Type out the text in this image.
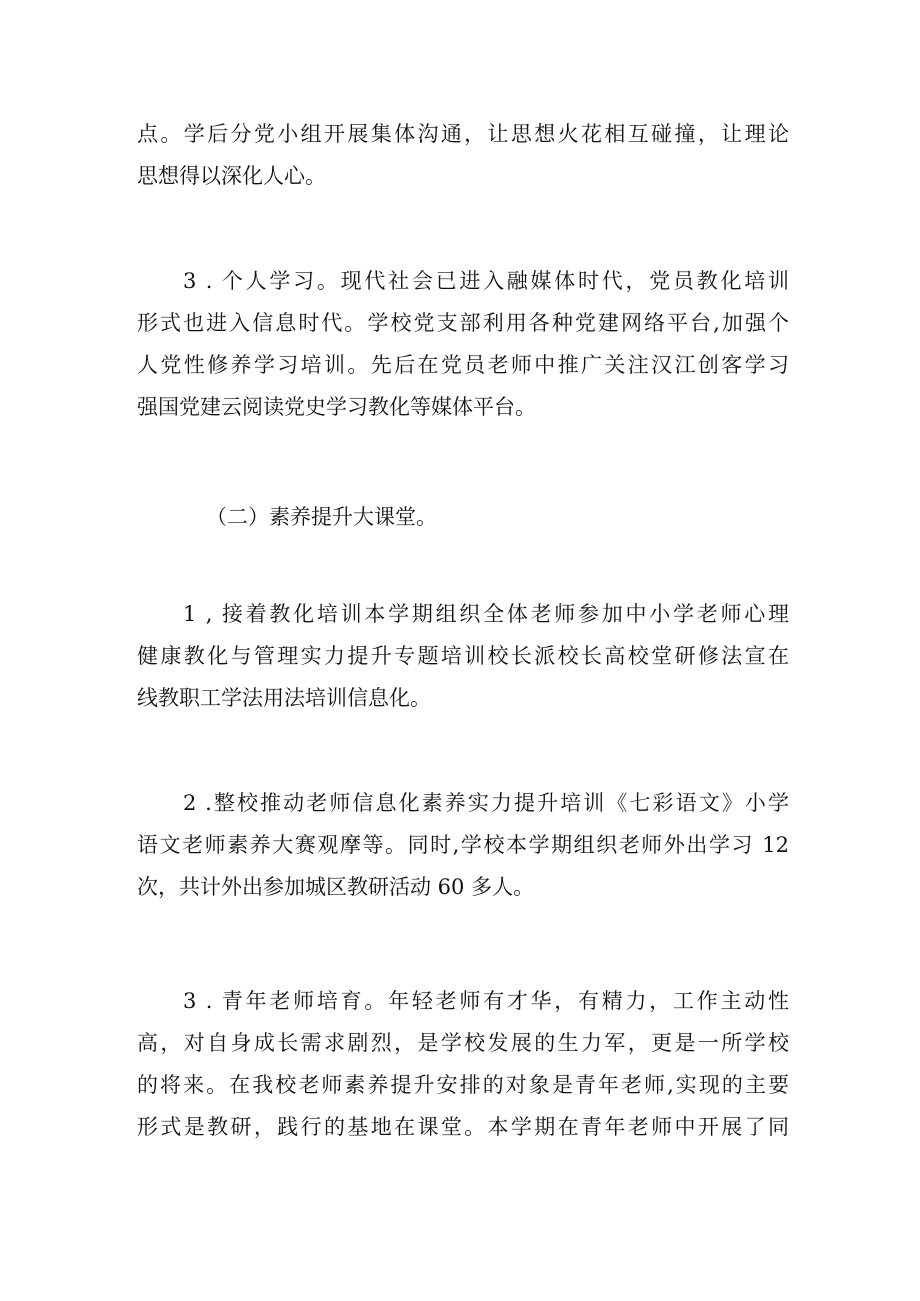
点。学后分党小组开展集体沟通，让思想火花相互碰撞，让理论
思想得以深化人心。
3 . 个人学习。现代社会已进入融媒体时代，党员教化培训
形式也进入信息时代。学校党支部利用各种党建网络平台,加强个
人党性修养学习培训。先后在党员老师中推广关注汉江创客学习
强国党建云阅读党史学习教化等媒体平台。
（二）素养提升大课堂。
1 , 接着教化培训本学期组织全体老师参加中小学老师心理
健康教化与管理实力提升专题培训校长派校长高校堂研修法宣在
线教职工学法用法培训信息化。
2 .整校推动老师信息化素养实力提升培训《七彩语文》小学
语文老师素养大赛观摩等。同时,学校本学期组织老师外出学习 12
次，共计外出参加城区教研活动 60 多人。
3 . 青年老师培育。年轻老师有才华，有精力，工作主动性
高，对自身成长需求剧烈，是学校发展的生力军，更是一所学校
的将来。在我校老师素养提升安排的对象是青年老师,实现的主要
形式是教研，践行的基地在课堂。本学期在青年老师中开展了同
